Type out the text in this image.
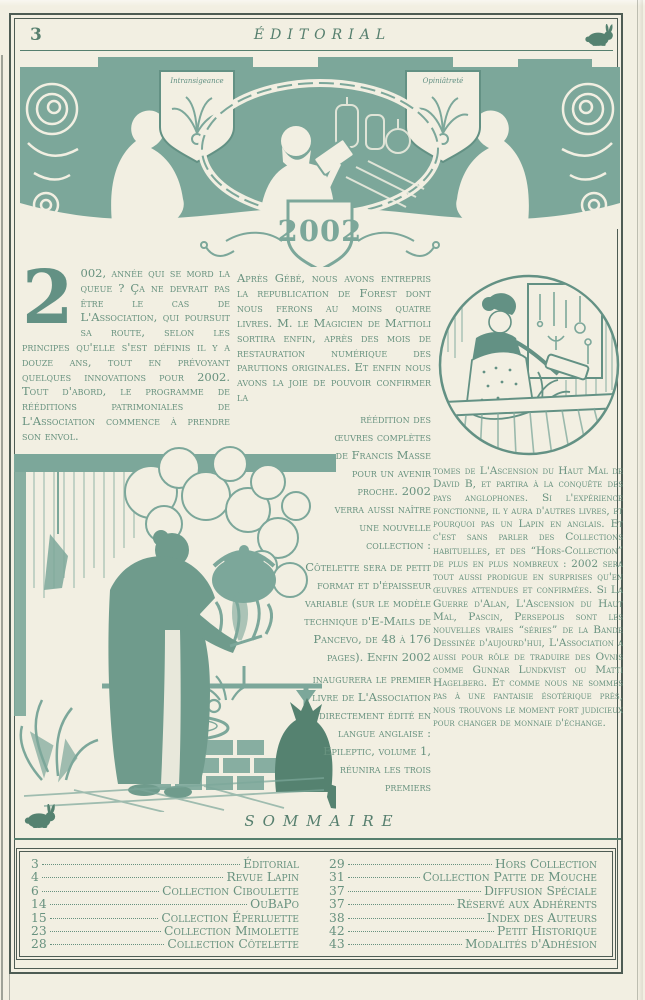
3	ÉDITORIAL
Intransigeance	Opiniâtreté
2002
2 002, année qui se mord la queue ? Ça ne devrait pas être le cas de L'Association, qui poursuit sa route, selon les principes qu'elle s'est définis il y a douze ans, tout en prévoyant quelques innovations pour 2002. Tout d'abord, le programme de rééditions patrimoniales de L'Association commence à prendre son envol.
Après Gébé, nous avons entrepris la republication de Forest dont nous ferons au moins quatre livres. M. le Magicien de Mattioli sortira enfin, après des mois de restauration numérique des parutions originales. Et enfin nous avons la joie de pouvoir confirmer la
réédition des œuvres complètes de Francis Masse pour un avenir proche. 2002 verra aussi naître une nouvelle collection :
Côtelette sera de petit format et d'épaisseur variable (sur le modèle technique d'E-Mails de Pancevo, de 48 à 176 pages). Enfin 2002
inaugurera le premier livre de L'Association directement édité en langue anglaise : Epileptic, volume 1, réunira les trois premiers
tomes de L'Ascension du Haut Mal de David B, et partira à la conquête des pays anglophones. Si l'expérience fonctionne, il y aura d'autres livres, et pourquoi pas un Lapin en anglais. Et c'est sans parler des Collections habituelles, et des “Hors-Collection” de plus en plus nombreux : 2002 sera tout aussi prodigue en surprises qu'en œuvres attendues et confirmées. Si La Guerre d'Alan, L'Ascension du Haut Mal, Pascin, Persepolis sont les nouvelles vraies “séries” de la Bande Dessinée d'aujourd'hui, L'Association a aussi pour rôle de traduire des Ovnis comme Gunnar Lundkvist ou Matti Hagelberg. Et comme nous ne sommes pas à une fantaisie ésotérique près, nous trouvons le moment fort judicieux pour changer de monnaie d'échange.
SOMMAIRE
3	Éditorial
4	Revue Lapin
6	Collection Ciboulette
14	OuBaPo
15	Collection Éperluette
23	Collection Mimolette
28	Collection Côtelette
29	Hors Collection
31	Collection Patte de Mouche
37	Diffusion Spéciale
37	Réservé aux Adhérents
38	Index des Auteurs
42	Petit Historique
43	Modalités d'Adhésion
